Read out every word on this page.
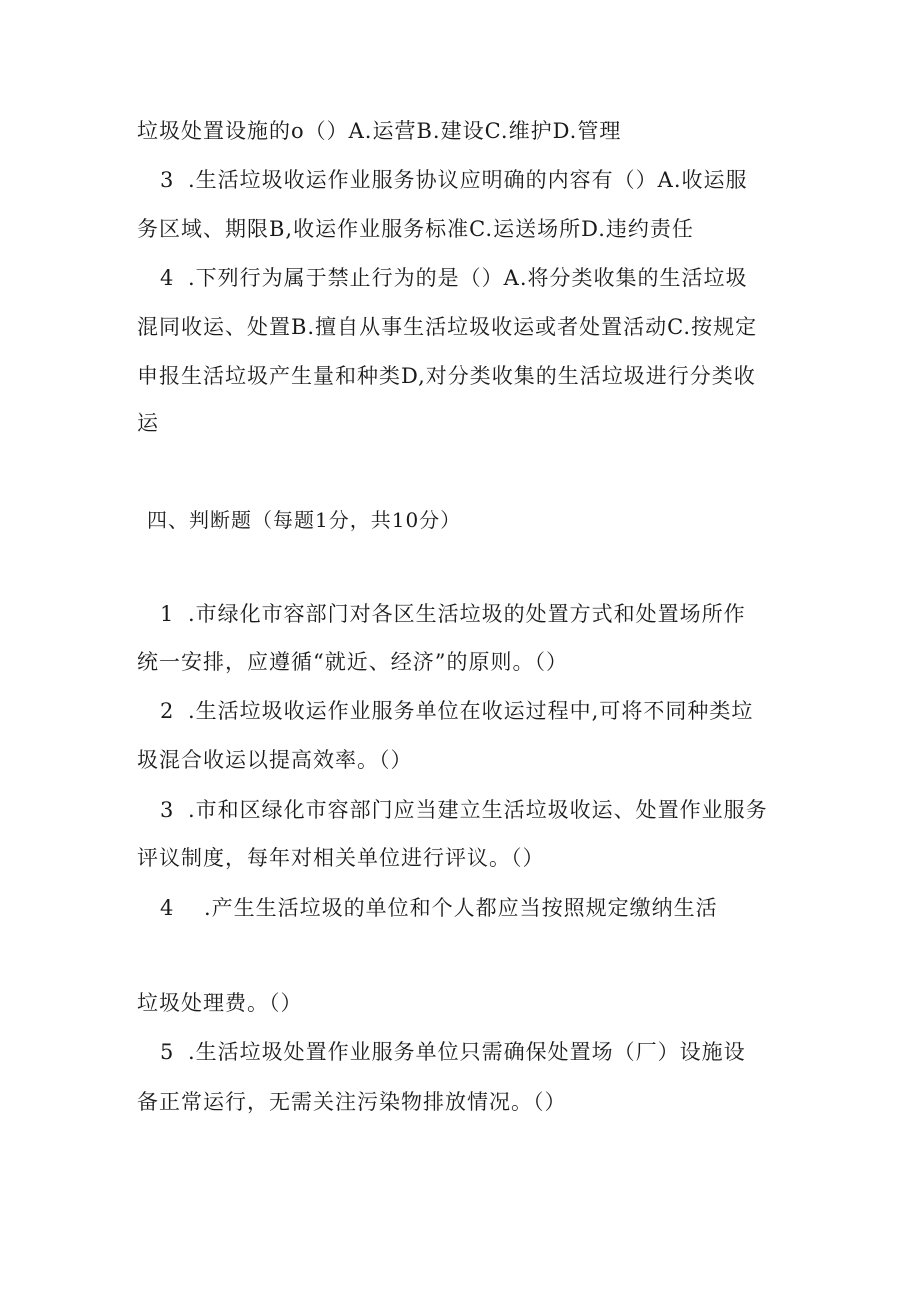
垃圾处置设施的o（）A.运营B.建设C.维护D.管理
3 .生活垃圾收运作业服务协议应明确的内容有（）A.收运服
务区域、期限B,收运作业服务标准C.运送场所D.违约责任
4 .下列行为属于禁止行为的是（）A.将分类收集的生活垃圾
混同收运、处置B.擅自从事生活垃圾收运或者处置活动C.按规定
申报生活垃圾产生量和种类D,对分类收集的生活垃圾进行分类收
运
四、判断题（每题1分，共10分）
1 .市绿化市容部门对各区生活垃圾的处置方式和处置场所作
统一安排，应遵循“就近、经济”的原则。（）
2 .生活垃圾收运作业服务单位在收运过程中,可将不同种类垃
圾混合收运以提高效率。（）
3 .市和区绿化市容部门应当建立生活垃圾收运、处置作业服务
评议制度，每年对相关单位进行评议。（）
4 .产生生活垃圾的单位和个人都应当按照规定缴纳生活
垃圾处理费。（）
5 .生活垃圾处置作业服务单位只需确保处置场（厂）设施设
备正常运行，无需关注污染物排放情况。（）
